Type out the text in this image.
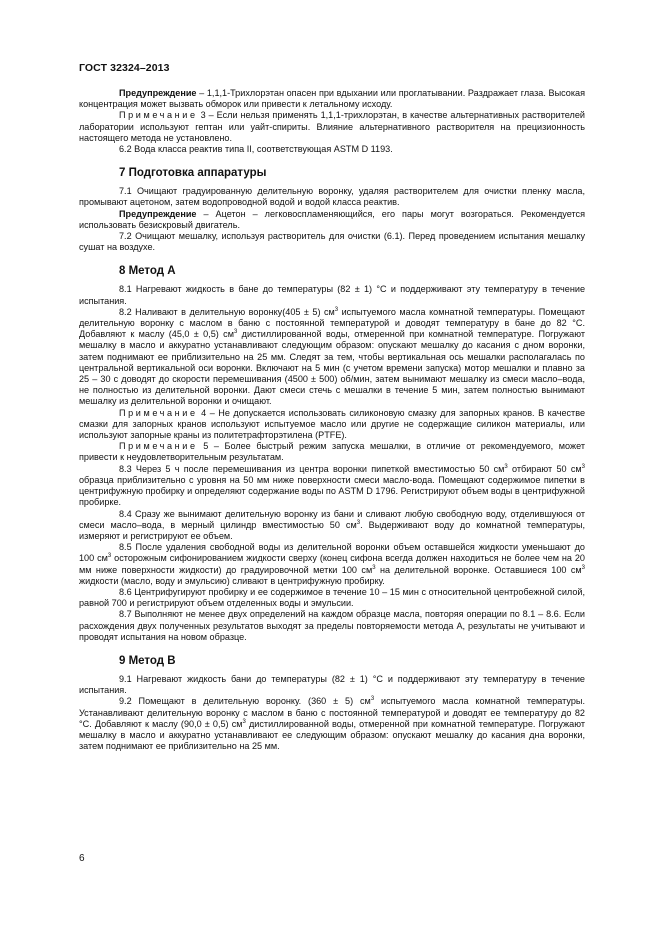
ГОСТ 32324–2013

Предупреждение – 1,1,1-Трихлорэтан опасен при вдыхании или проглатывании. Раздражает глаза. Высокая концентрация может вызвать обморок или привести к летальному исходу.

Примечание 3 – Если нельзя применять 1,1,1-трихлорэтан, в качестве альтернативных растворителей лаборатории используют гептан или уайт-спириты. Влияние альтернативного растворителя на прецизионность настоящего метода не установлено.

6.2 Вода класса реактив типа II, соответствующая ASTM D 1193.

7 Подготовка аппаратуры

7.1 Очищают градуированную делительную воронку, удаляя растворителем для очистки пленку масла, промывают ацетоном, затем водопроводной водой и водой класса реактив.

Предупреждение – Ацетон – легковоспламеняющийся, его пары могут возгораться. Рекомендуется использовать безискровый двигатель.

7.2 Очищают мешалку, используя растворитель для очистки (6.1). Перед проведением испытания мешалку сушат на воздухе.

8 Метод А

8.1 Нагревают жидкость в бане до температуры (82 ± 1) °С и поддерживают эту температуру в течение испытания.

8.2 Наливают в делительную воронку(405 ± 5) $см^3$ испытуемого масла комнатной температуры. Помещают делительную воронку с маслом в баню с постоянной температурой и доводят температуру в бане до 82 °С. Добавляют к маслу (45,0 ± 0,5) $см^3$ дистиллированной воды, отмеренной при комнатной температуре. Погружают мешалку в масло и аккуратно устанавливают следующим образом: опускают мешалку до касания с дном воронки, затем поднимают ее приблизительно на 25 мм. Следят за тем, чтобы вертикальная ось мешалки располагалась по центральной вертикальной оси воронки. Включают на 5 мин (с учетом времени запуска) мотор мешалки и плавно за 25 – 30 с доводят до скорости перемешивания (4500 ± 500) об/мин, затем вынимают мешалку из смеси масло–вода, не полностью из делительной воронки. Дают смеси стечь с мешалки в течение 5 мин, затем полностью вынимают мешалку из делительной воронки и очищают.

Примечание 4 – Не допускается использовать силиконовую смазку для запорных кранов. В качестве смазки для запорных кранов используют испытуемое масло или другие не содержащие силикон материалы, или используют запорные краны из политетрафторэтилена (PTFE).

Примечание 5 – Более быстрый режим запуска мешалки, в отличие от рекомендуемого, может привести к неудовлетворительным результатам.

8.3 Через 5 ч после перемешивания из центра воронки пипеткой вместимостью 50 $см^3$ отбирают 50 $см^3$ образца приблизительно с уровня на 50 мм ниже поверхности смеси масло-вода. Помещают содержимое пипетки в центрифужную пробирку и определяют содержание воды по ASTM D 1796. Регистрируют объем воды в центрифужной пробирке.

8.4 Сразу же вынимают делительную воронку из бани и сливают любую свободную воду, отделившуюся от смеси масло–вода, в мерный цилиндр вместимостью 50 $см^3$. Выдерживают воду до комнатной температуры, измеряют и регистрируют ее объем.

8.5 После удаления свободной воды из делительной воронки объем оставшейся жидкости уменьшают до 100 $см^3$ осторожным сифонированием жидкости сверху (конец сифона всегда должен находиться не более чем на 20 мм ниже поверхности жидкости) до градуировочной метки 100 $см^3$ на делительной воронке. Оставшиеся 100 $см^3$ жидкости (масло, воду и эмульсию) сливают в центрифужную пробирку.

8.6 Центрифугируют пробирку и ее содержимое в течение 10 – 15 мин с относительной центробежной силой, равной 700 и регистрируют объем отделенных воды и эмульсии.

8.7 Выполняют не менее двух определений на каждом образце масла, повторяя операции по 8.1 – 8.6. Если расхождения двух полученных результатов выходят за пределы повторяемости метода А, результаты не учитывают и проводят испытания на новом образце.

9 Метод В

9.1 Нагревают жидкость бани до температуры (82 ± 1) °С и поддерживают эту температуру в течение испытания.

9.2 Помещают в делительную воронку. (360 ± 5) $см^3$ испытуемого масла комнатной температуры. Устанавливают делительную воронку с маслом в баню с постоянной температурой и доводят ее температуру до 82 °С. Добавляют к маслу (90,0 ± 0,5) $см^3$ дистиллированной воды, отмеренной при комнатной температуре. Погружают мешалку в масло и аккуратно устанавливают ее следующим образом: опускают мешалку до касания дна воронки, затем поднимают ее приблизительно на 25 мм.

6
